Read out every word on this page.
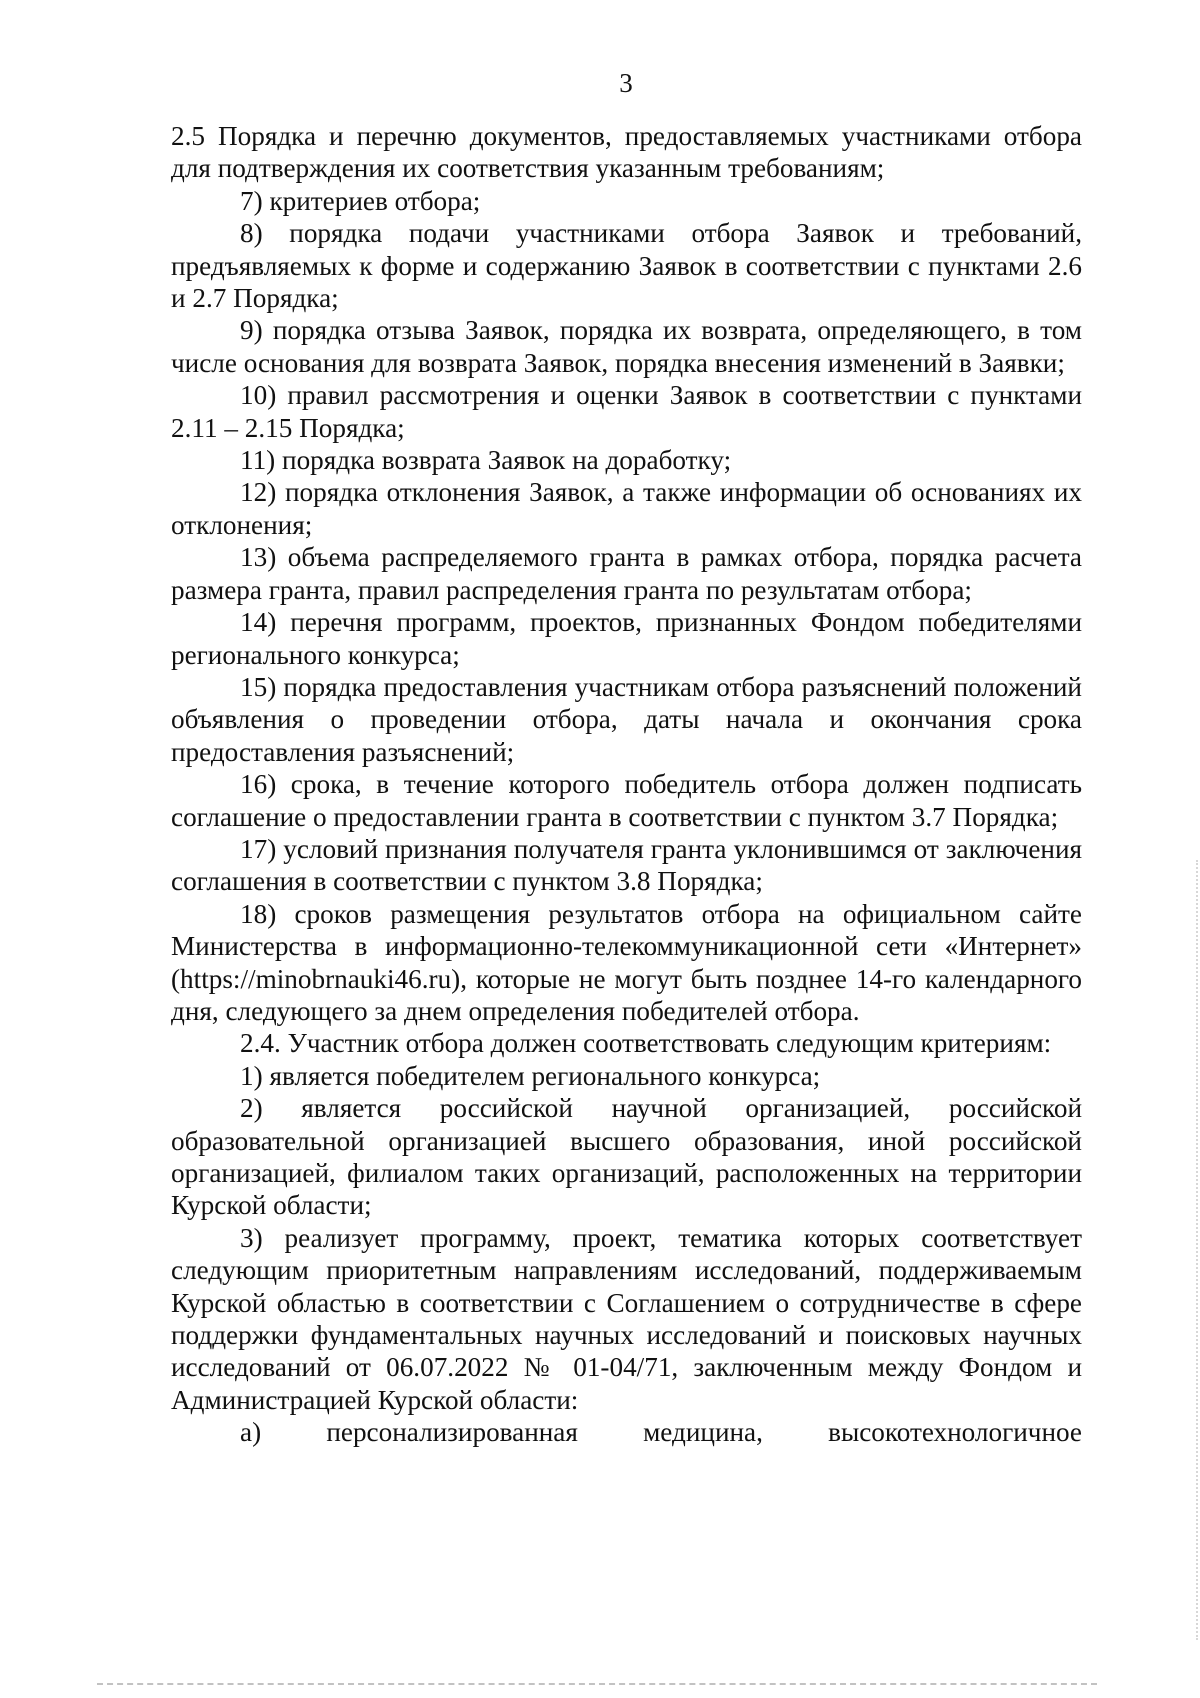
3

2.5 Порядка и перечню документов, предоставляемых участниками отбора для подтверждения их соответствия указанным требованиям;

7) критериев отбора;

8) порядка подачи участниками отбора Заявок и требований, предъявляемых к форме и содержанию Заявок в соответствии с пунктами 2.6 и 2.7 Порядка;

9) порядка отзыва Заявок, порядка их возврата, определяющего, в том числе основания для возврата Заявок, порядка внесения изменений в Заявки;

10) правил рассмотрения и оценки Заявок в соответствии с пунктами 2.11 – 2.15 Порядка;

11) порядка возврата Заявок на доработку;

12) порядка отклонения Заявок, а также информации об основаниях их отклонения;

13) объема распределяемого гранта в рамках отбора, порядка расчета размера гранта, правил распределения гранта по результатам отбора;

14) перечня программ, проектов, признанных Фондом победителями регионального конкурса;

15) порядка предоставления участникам отбора разъяснений положений объявления о проведении отбора, даты начала и окончания срока предоставления разъяснений;

16) срока, в течение которого победитель отбора должен подписать соглашение о предоставлении гранта в соответствии с пунктом 3.7 Порядка;

17) условий признания получателя гранта уклонившимся от заключения соглашения в соответствии с пунктом 3.8 Порядка;

18) сроков размещения результатов отбора на официальном сайте Министерства в информационно-телекоммуникационной сети «Интернет» (https://minobrnauki46.ru), которые не могут быть позднее 14-го календарного дня, следующего за днем определения победителей отбора.

2.4. Участник отбора должен соответствовать следующим критериям:

1) является победителем регионального конкурса;

2) является российской научной организацией, российской образовательной организацией высшего образования, иной российской организацией, филиалом таких организаций, расположенных на территории Курской области;

3) реализует программу, проект, тематика которых соответствует следующим приоритетным направлениям исследований, поддерживаемым Курской областью в соответствии с Соглашением о сотрудничестве в сфере поддержки фундаментальных научных исследований и поисковых научных исследований от 06.07.2022 № 01-04/71, заключенным между Фондом и Администрацией Курской области:

а) персонализированная медицина, высокотехнологичное
